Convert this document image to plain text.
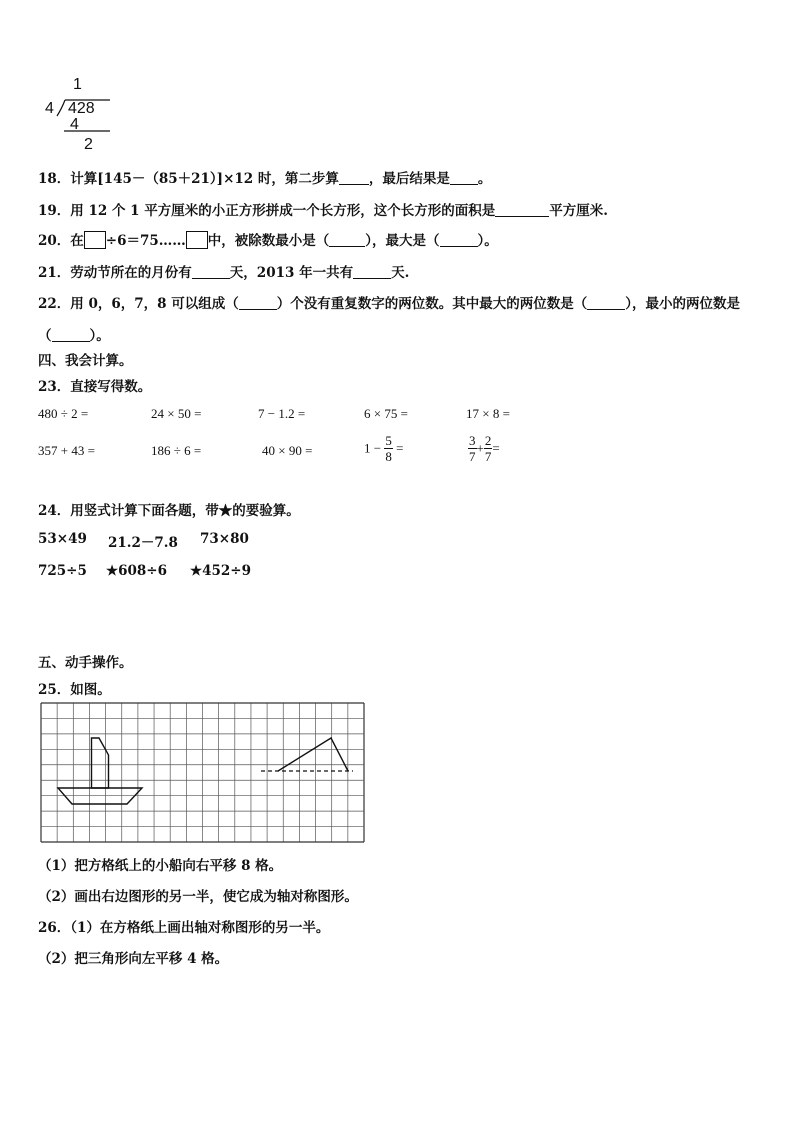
1
4 428
4
2
18．计算[145－（85＋21）]×12 时，第二步算 ，最后结果是 。
19．用 12 个 1 平方厘米的小正方形拼成一个长方形，这个长方形的面积是	平方厘米.
20．在 ÷6＝75…… 中，被除数最小是（	），最大是（	）。
21．劳动节所在的月份有	天，2013 年一共有	天.
22．用 0，6，7，8 可以组成（	）个没有重复数字的两位数。其中最大的两位数是（	），最小的两位数是
（	）。
四、我会计算。
23．直接写得数。
480 ÷ 2 =	24 × 50 =	7 − 1.2 =	6 × 75 =	17 × 8 =
357 + 43 =	186 ÷ 6 =	40 × 90 =	$1 - \frac{5}{8}$ =	$\frac{3}{7} + \frac{2}{7}$ =
24．用竖式计算下面各题，带★的要验算。
53×49 21.2－7.8 73×80
725÷5 ★608÷6 ★452÷9
五、动手操作。
25．如图。
（1）把方格纸上的小船向右平移 8 格。
（2）画出右边图形的另一半，使它成为轴对称图形。
26．（1）在方格纸上画出轴对称图形的另一半。
（2）把三角形向左平移 4 格。
